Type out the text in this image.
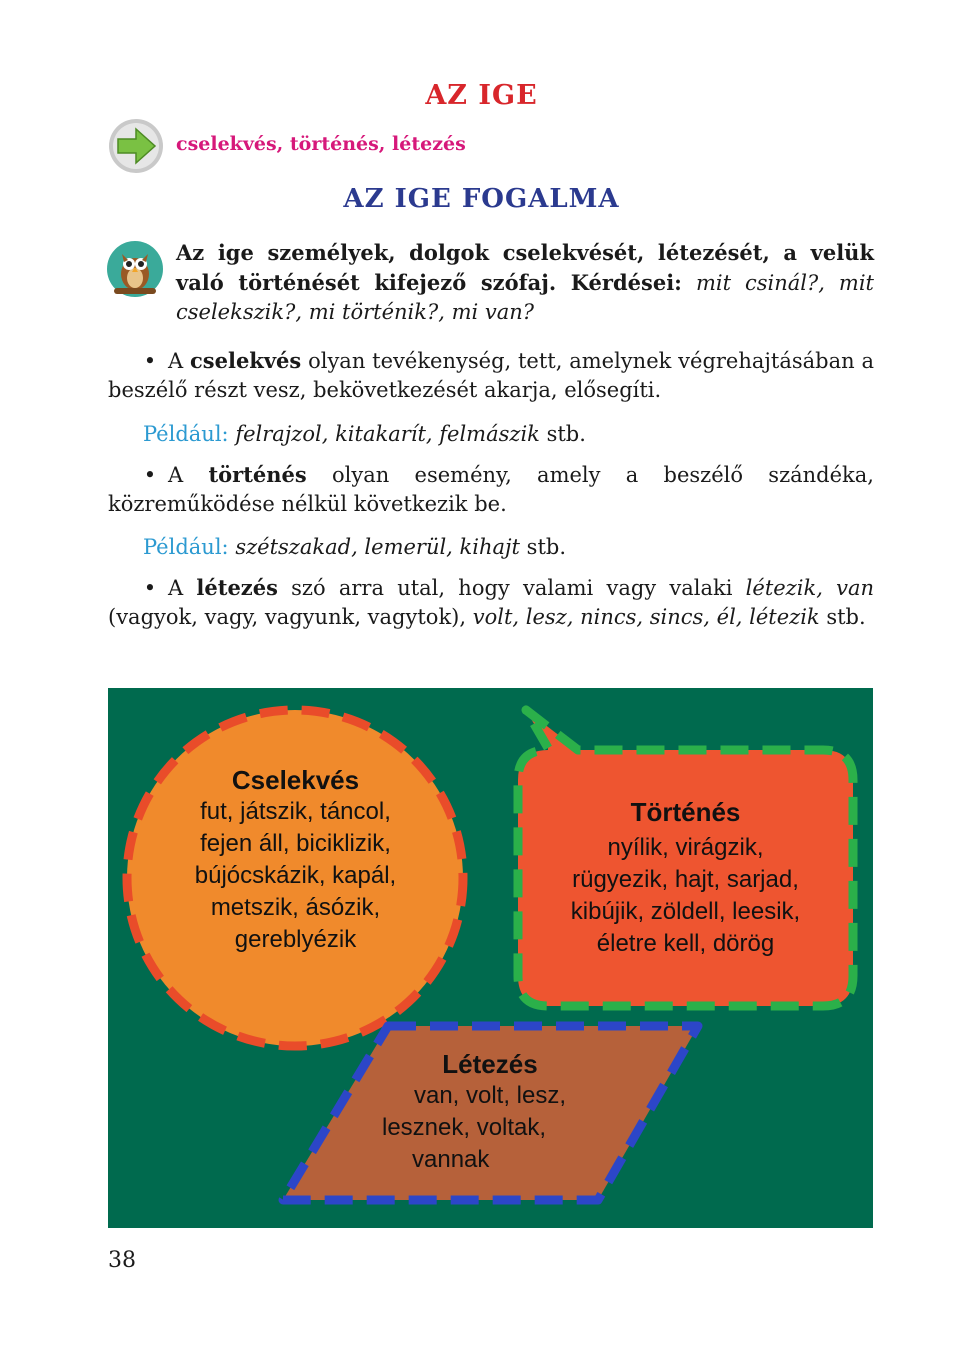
AZ IGE
cselekvés, történés, létezés
AZ IGE FOGALMA
Az ige személyek, dolgok cselekvését, létezését, a velük való történését kifejező szófaj. Kérdései: mit csinál?, mit cselekszik?, mi történik?, mi van?
• A cselekvés olyan tevékenység, tett, amelynek végrehajtásában a beszélő részt vesz, bekövetkezését akarja, elősegíti.
Például: felrajzol, kitakarít, felmászik stb.
• A történés olyan esemény, amely a beszélő szándéka, közreműködése nélkül következik be.
Például: szétszakad, lemerül, kihajt stb.
• A létezés szó arra utal, hogy valami vagy valaki létezik, van (vagyok, vagy, vagyunk, vagytok), volt, lesz, nincs, sincs, él, létezik stb.
Cselekvés
fut, játszik, táncol,
fejen áll, biciklizik,
bújócskázik, kapál,
metszik, ásózik,
gereblyézik
Történés
nyílik, virágzik,
rügyezik, hajt, sarjad,
kibújik, zöldell, leesik,
életre kell, dörög
Létezés
van, volt, lesz,
lesznek, voltak,
vannak
38
